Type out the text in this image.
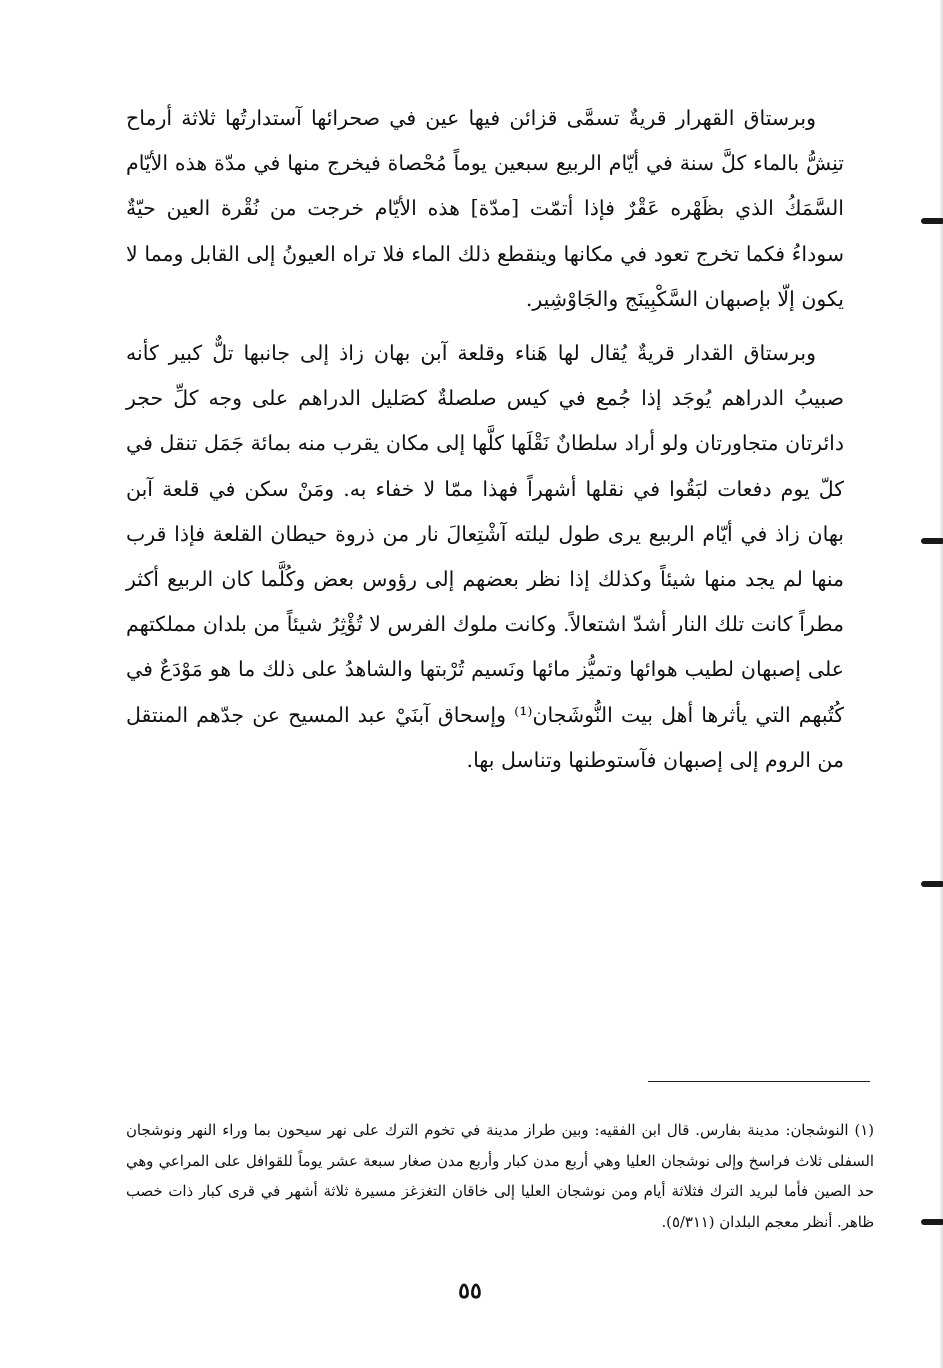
وبرستاق القهرار قريةٌ تسمَّى قزائن فيها عين في صحرائها آستدارتُها ثلاثة أرماح تنِشُّ بالماء كلَّ سنة في أيّام الربيع سبعين يوماً مُحْصاة فيخرج منها في مدّة هذه الأيّام السَّمَكُ الذي بظَهْره عَقْرٌ فإذا أتمّت [مدّة] هذه الأيّام خرجت من نُقْرة العين حيّةٌ سوداءُ فكما تخرج تعود في مكانها وينقطع ذلك الماء فلا تراه العيونُ إلى القابل ومما لا يكون إلّا بإصبهان السَّكْبِينَج والجَاوْشِير.

وبرستاق القدار قريةٌ يُقال لها هَناء وقلعة آبن بهان زاذ إلى جانبها تلٌّ كبير كأنه صبيبُ الدراهم يُوجَد إذا جُمع في كيس صلصلةٌ كصَليل الدراهم على وجه كلِّ حجر دائرتان متجاورتان ولو أراد سلطانٌ نَقْلَها كلَّها إلى مكان يقرب منه بمائة جَمَل تنقل في كلّ يوم دفعات لبَقُوا في نقلها أشهراً فهذا ممّا لا خفاء به. ومَنْ سكن في قلعة آبن بهان زاذ في أيّام الربيع يرى طول ليلته آشْتِعالَ نار من ذروة حيطان القلعة فإذا قرب منها لم يجد منها شيئاً وكذلك إذا نظر بعضهم إلى رؤوس بعض وكُلَّما كان الربيع أكثر مطراً كانت تلك النار أشدّ اشتعالاً. وكانت ملوك الفرس لا تُؤْثِرُ شيئاً من بلدان مملكتهم على إصبهان لطيب هوائها وتميُّز مائها ونَسيم تُرْبتها والشاهدُ على ذلك ما هو مَوْدَعٌ في كُتُبهم التي يأثرها أهل بيت النُّوشَجان⁽¹⁾ وإسحاق آبنَيْ عبد المسيح عن جدّهم المنتقل من الروم إلى إصبهان فآستوطنها وتناسل بها.

(١) النوشجان: مدينة بفارس. قال ابن الفقيه: وبين طراز مدينة في تخوم الترك على نهر سيحون بما وراء النهر ونوشجان السفلى ثلاث فراسخ وإلى نوشجان العليا وهي أربع مدن كبار وأربع مدن صغار سبعة عشر يوماً للقوافل على المراعي وهي حد الصين فأما لبريد الترك فثلاثة أيام ومن نوشجان العليا إلى خاقان التغزغز مسيرة ثلاثة أشهر في قرى كبار ذات خصب ظاهر. أنظر معجم البلدان (٥/٣١١).

٥٥
